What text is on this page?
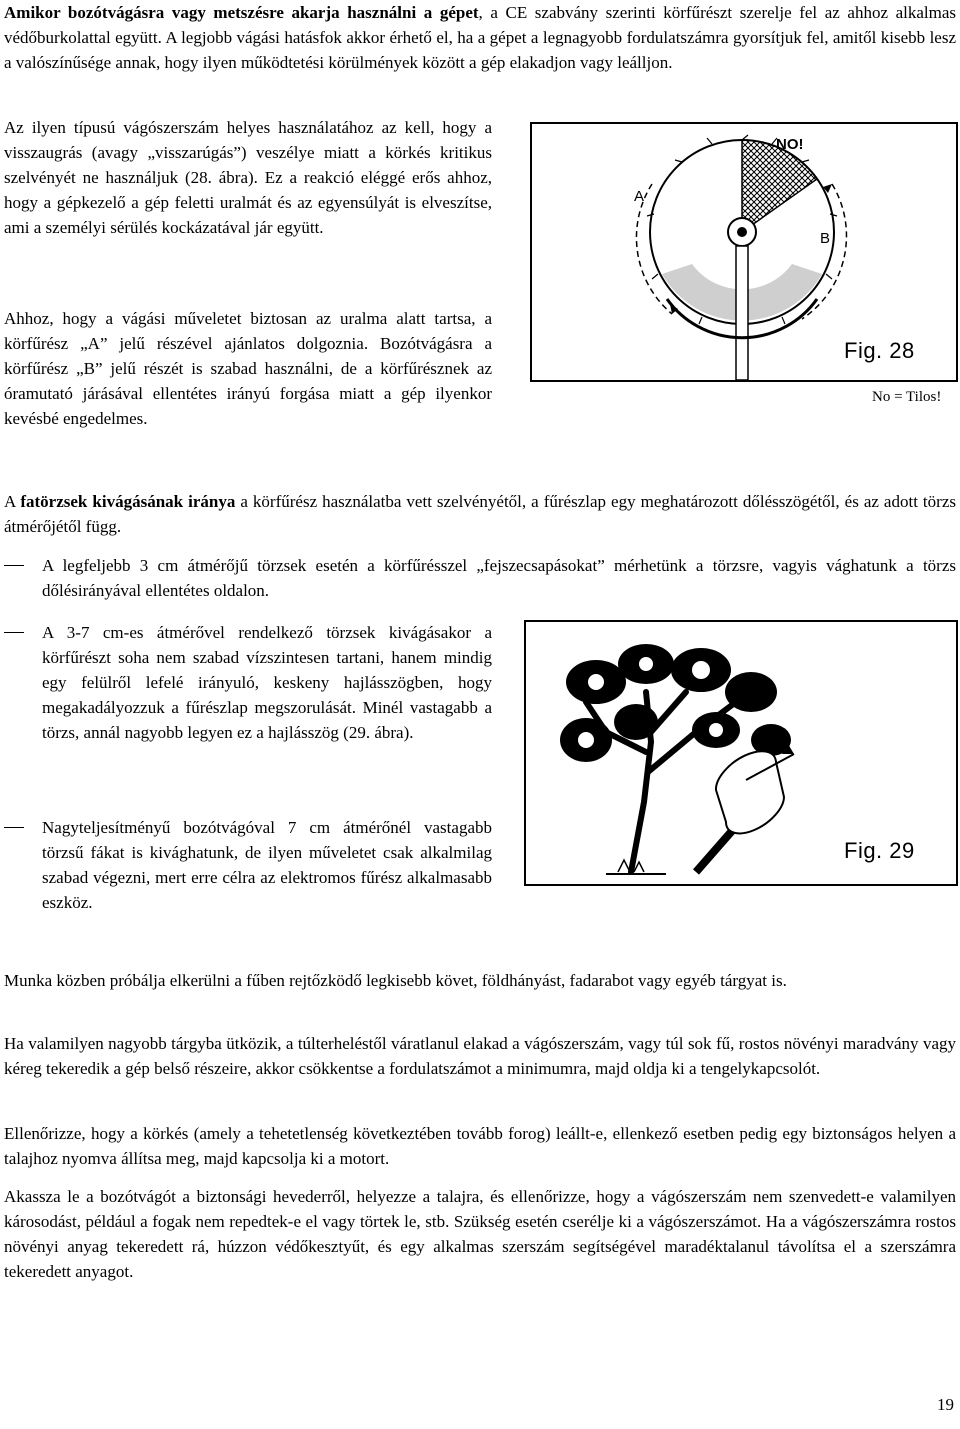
Amikor bozótvágásra vagy metszésre akarja használni a gépet, a CE szabvány szerinti körfűrészt szerelje fel az ahhoz alkalmas védőburkolattal együtt. A legjobb vágási hatásfok akkor érhető el, ha a gépet a legnagyobb fordulatszámra gyorsítjuk fel, amitől kisebb lesz a valószínűsége annak, hogy ilyen működtetési körülmények között a gép elakadjon vagy leálljon.

Az ilyen típusú vágószerszám helyes használatához az kell, hogy a visszaugrás (avagy „visszarúgás”) veszélye miatt a körkés kritikus szelvényét ne használjuk (28. ábra). Ez a reakció eléggé erős ahhoz, hogy a gépkezelő a gép feletti uralmát és az egyensúlyát is elveszítse, ami a személyi sérülés kockázatával jár együtt.

Ahhoz, hogy a vágási műveletet biztosan az uralma alatt tartsa, a körfűrész „A” jelű részével ajánlatos dolgoznia. Bozótvágásra a körfűrész „B” jelű részét is szabad használni, de a körfűrésznek az óramutató járásával ellentétes irányú forgása miatt a gép ilyenkor kevésbé engedelmes.

NO!
A
B
Fig. 28
No = Tilos!

A fatörzsek kivágásának iránya a körfűrész használatba vett szelvényétől, a fűrészlap egy meghatározott dőlésszögétől, és az adott törzs átmérőjétől függ.

A legfeljebb 3 cm átmérőjű törzsek esetén a körfűrésszel „fejszecsapásokat” mérhetünk a törzsre, vagyis vághatunk a törzs dőlésirányával ellentétes oldalon.

A 3-7 cm-es átmérővel rendelkező törzsek kivágásakor a körfűrészt soha nem szabad vízszintesen tartani, hanem mindig egy felülről lefelé irányuló, keskeny hajlásszögben, hogy megakadályozzuk a fűrészlap megszorulását. Minél vastagabb a törzs, annál nagyobb legyen ez a hajlásszög (29. ábra).

Nagyteljesítményű bozótvágóval 7 cm átmérőnél vastagabb törzsű fákat is kivághatunk, de ilyen műveletet csak alkalmilag szabad végezni, mert erre célra az elektromos fűrész alkalmasabb eszköz.

Fig. 29

Munka közben próbálja elkerülni a fűben rejtőzködő legkisebb követ, földhányást, fadarabot vagy egyéb tárgyat is.

Ha valamilyen nagyobb tárgyba ütközik, a túlterheléstől váratlanul elakad a vágószerszám, vagy túl sok fű, rostos növényi maradvány vagy kéreg tekeredik a gép belső részeire, akkor csökkentse a fordulatszámot a minimumra, majd oldja ki a tengelykapcsolót.

Ellenőrizze, hogy a körkés (amely a tehetetlenség következtében tovább forog) leállt-e, ellenkező esetben pedig egy biztonságos helyen a talajhoz nyomva állítsa meg, majd kapcsolja ki a motort.

Akassza le a bozótvágót a biztonsági hevederről, helyezze a talajra, és ellenőrizze, hogy a vágószerszám nem szenvedett-e valamilyen károsodást, például a fogak nem repedtek-e el vagy törtek le, stb. Szükség esetén cserélje ki a vágószerszámot. Ha a vágószerszámra rostos növényi anyag tekeredett rá, húzzon védőkesztyűt, és egy alkalmas szerszám segítségével maradéktalanul távolítsa el a szerszámra tekeredett anyagot.

19
